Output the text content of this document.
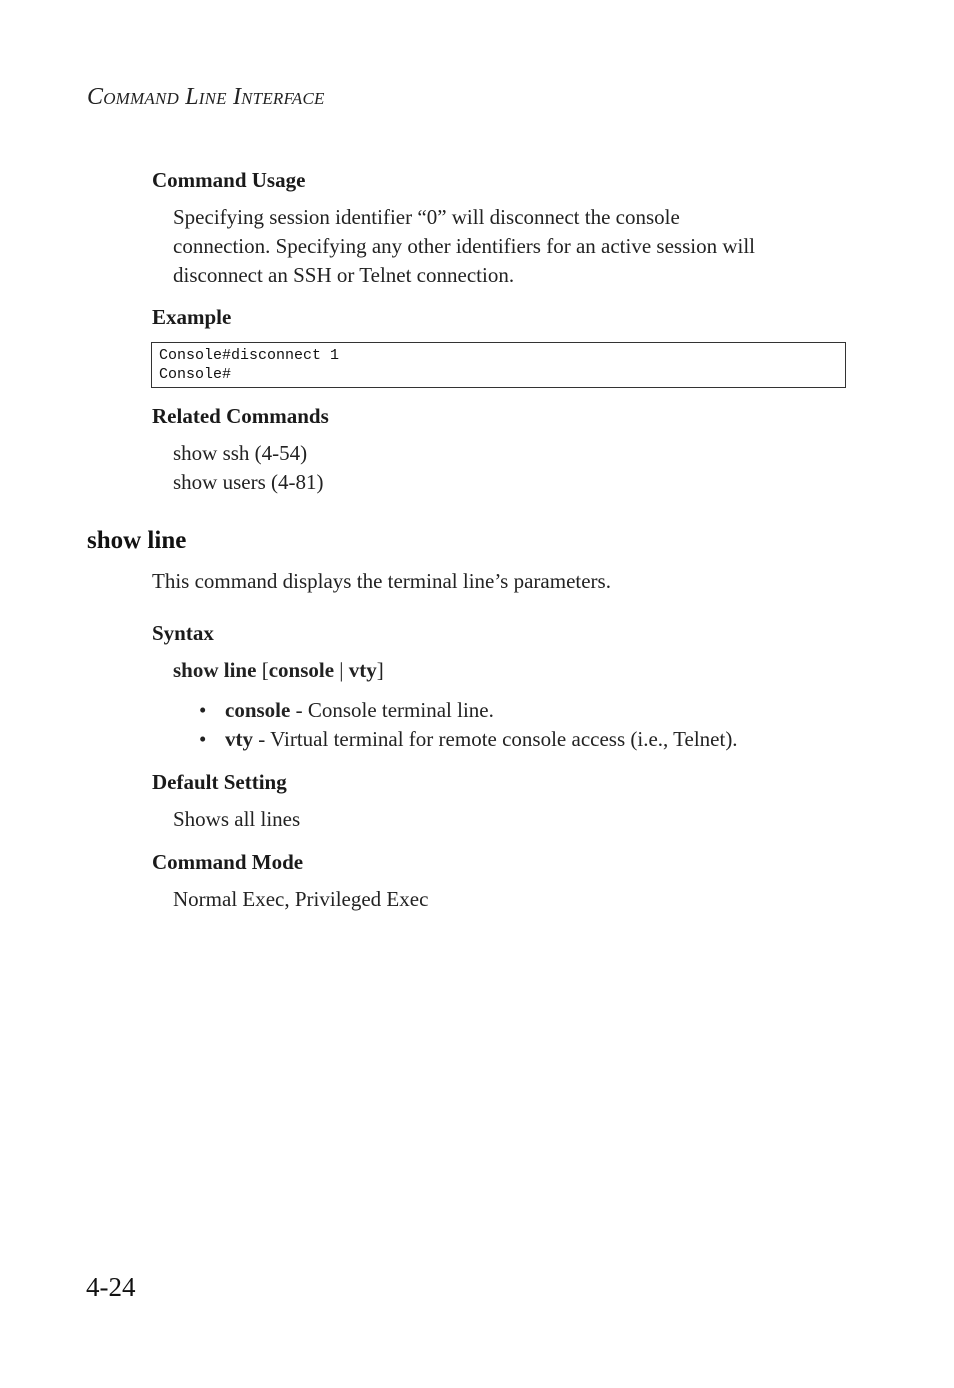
Command Line Interface
Command Usage
Specifying session identifier “0” will disconnect the console
connection. Specifying any other identifiers for an active session will
disconnect an SSH or Telnet connection.
Example
Console#disconnect 1
Console#
Related Commands
show ssh (4-54)
show users (4-81)
show line
This command displays the terminal line’s parameters.
Syntax
show line [console | vty]
• console - Console terminal line.
• vty - Virtual terminal for remote console access (i.e., Telnet).
Default Setting
Shows all lines
Command Mode
Normal Exec, Privileged Exec
4-24
